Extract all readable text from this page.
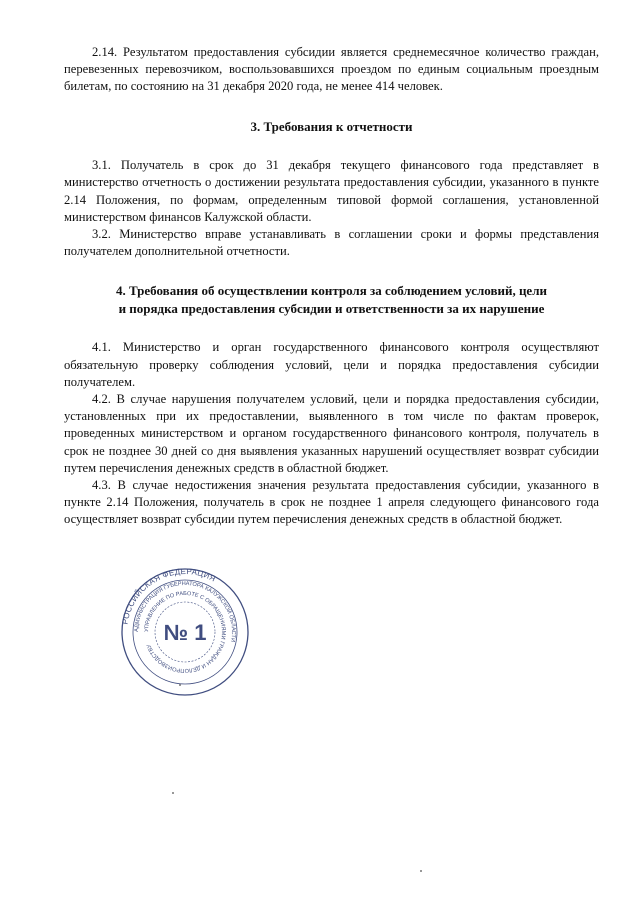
2.14. Результатом предоставления субсидии является среднемесячное количество граждан, перевезенных перевозчиком, воспользовавшихся проездом по единым социальным проездным билетам, по состоянию на 31 декабря 2020 года, не менее 414 человек.

3. Требования к отчетности

3.1. Получатель в срок до 31 декабря текущего финансового года представляет в министерство отчетность о достижении результата предоставления субсидии, указанного в пункте 2.14 Положения, по формам, определенным типовой формой соглашения, установленной министерством финансов Калужской области.

3.2. Министерство вправе устанавливать в соглашении сроки и формы представления получателем дополнительной отчетности.

4. Требования об осуществлении контроля за соблюдением условий, цели
и порядка предоставления субсидии и ответственности за их нарушение

4.1. Министерство и орган государственного финансового контроля осуществляют обязательную проверку соблюдения условий, цели и порядка предоставления субсидии получателем.

4.2. В случае нарушения получателем условий, цели и порядка предоставления субсидии, установленных при их предоставлении, выявленного в том числе по фактам проверок, проведенных министерством и органом государственного финансового контроля, получатель в срок не позднее 30 дней со дня выявления указанных нарушений осуществляет возврат субсидии путем перечисления денежных средств в областной бюджет.

4.3. В случае недостижения значения результата предоставления субсидии, указанного в пункте 2.14 Положения, получатель в срок не позднее 1 апреля следующего финансового года осуществляет возврат субсидии путем перечисления денежных средств в областной бюджет.

РОССИЙСКАЯ ФЕДЕРАЦИЯ
АДМИНИСТРАЦИЯ ГУБЕРНАТОРА КАЛУЖСКОЙ ОБЛАСТИ
УПРАВЛЕНИЕ ПО РАБОТЕ С ОБРАЩЕНИЯМИ ГРАЖДАН И ДЕЛОПРОИЗВОДСТВУ
№ 1
